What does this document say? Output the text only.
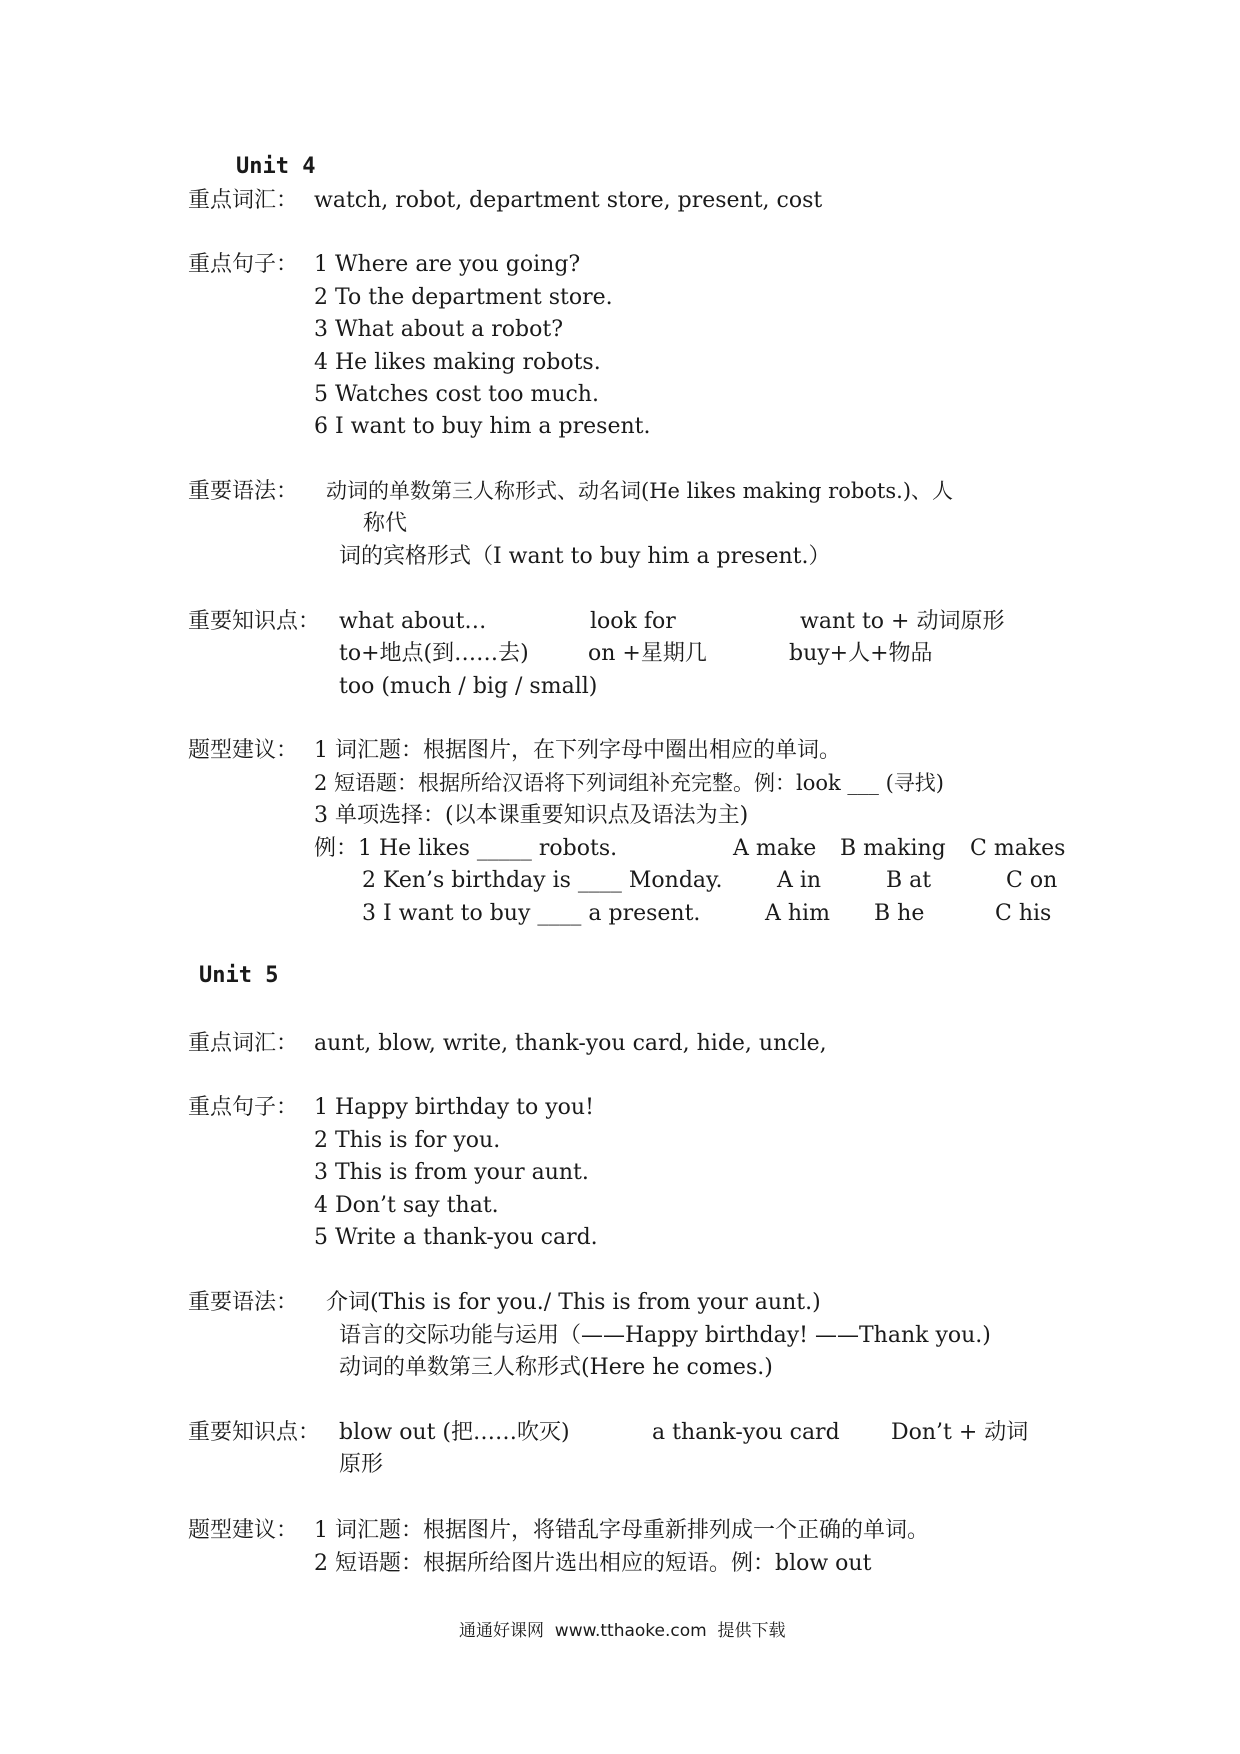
Unit 4
重点词汇： watch, robot, department store, present, cost
重点句子： 1 Where are you going?
2 To the department store.
3 What about a robot?
4 He likes making robots.
5 Watches cost too much.
6 I want to buy him a present.
重要语法： 动词的单数第三人称形式、动名词(He likes making robots.)、人
称代
词的宾格形式（I want to buy him a present.）
重要知识点： what about…	look for	want to + 动词原形
to+地点(到……去)	on +星期几	buy+人+物品
too (much / big / small)
题型建议： 1 词汇题：根据图片，在下列字母中圈出相应的单词。
2 短语题：根据所给汉语将下列词组补充完整。例：look ___ (寻找)
3 单项选择：(以本课重要知识点及语法为主)
例：1 He likes _____ robots.	A make B making C makes
2 Ken’s birthday is ____ Monday. A in	B at	C on
3 I want to buy ____ a present.	A him B he	C his
Unit 5
重点词汇： aunt, blow, write, thank-you card, hide, uncle,
重点句子： 1 Happy birthday to you!
2 This is for you.
3 This is from your aunt.
4 Don’t say that.
5 Write a thank-you card.
重要语法： 介词(This is for you./ This is from your aunt.)
语言的交际功能与运用（——Happy birthday! ——Thank you.)
动词的单数第三人称形式(Here he comes.)
重要知识点： blow out (把……吹灭)	a thank-you card Don’t + 动词
原形
题型建议： 1 词汇题：根据图片，将错乱字母重新排列成一个正确的单词。
2 短语题：根据所给图片选出相应的短语。例：blow out
通通好课网  www.tthaoke.com  提供下载
